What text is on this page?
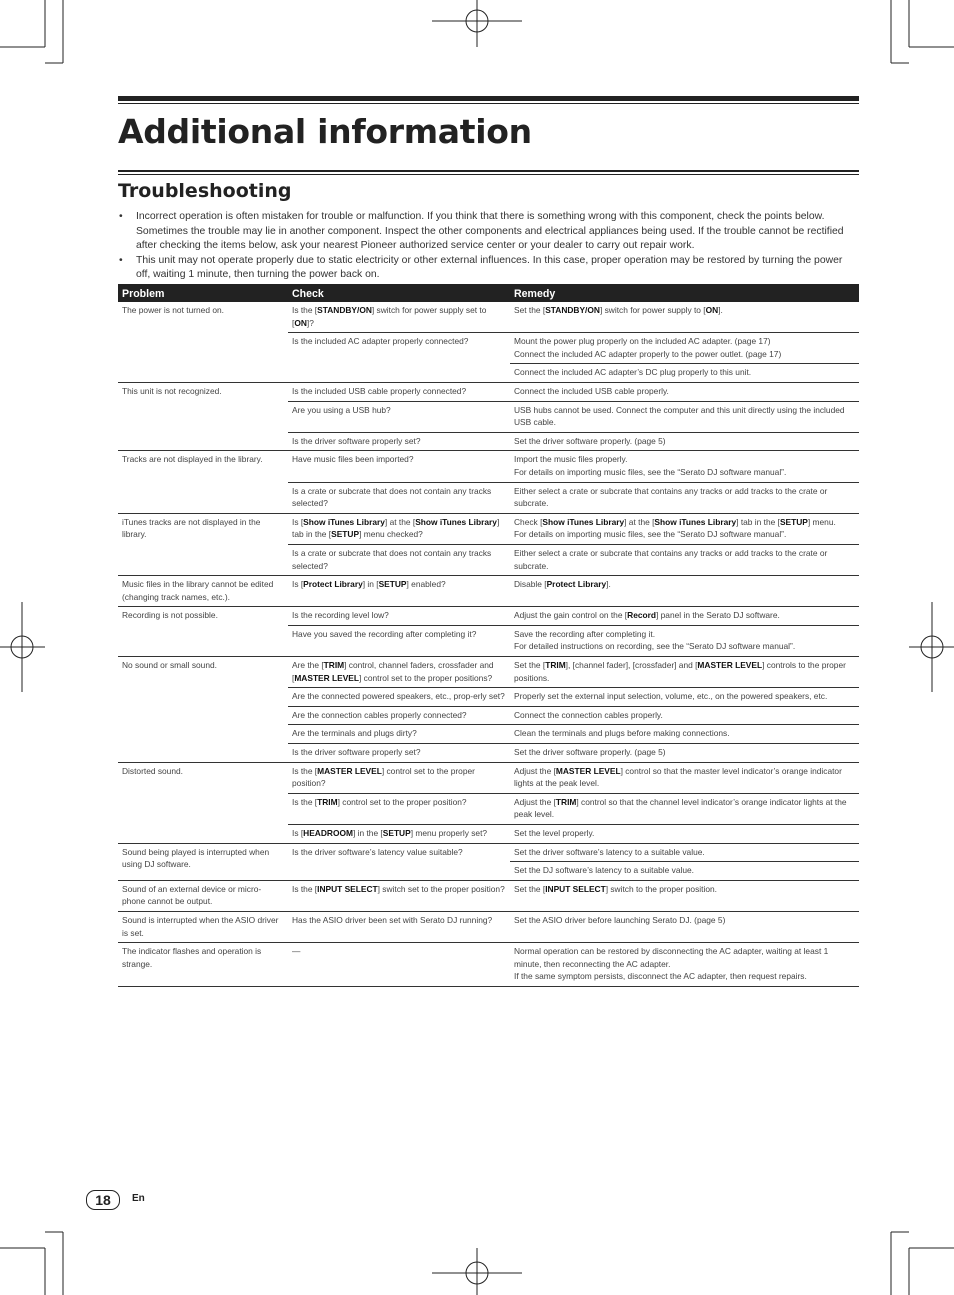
Additional information
Troubleshooting
• Incorrect operation is often mistaken for trouble or malfunction. If you think that there is something wrong with this component, check the points below. Sometimes the trouble may lie in another component. Inspect the other components and electrical appliances being used. If the trouble cannot be rectified after checking the items below, ask your nearest Pioneer authorized service center or your dealer to carry out repair work.
• This unit may not operate properly due to static electricity or other external influences. In this case, proper operation may be restored by turning the power off, waiting 1 minute, then turning the power back on.
Problem	Check	Remedy

The power is not turned on.	Is the [STANDBY/ON] switch for power supply set to [ON]?	Set the [STANDBY/ON] switch for power supply to [ON].

	Is the included AC adapter properly connected?	Mount the power plug properly on the included AC adapter. (page 17)
Connect the included AC adapter properly to the power outlet. (page 17)

		Connect the included AC adapter’s DC plug properly to this unit.

This unit is not recognized.	Is the included USB cable properly connected?	Connect the included USB cable properly.

	Are you using a USB hub?	USB hubs cannot be used. Connect the computer and this unit directly using the included USB cable.

	Is the driver software properly set?	Set the driver software properly. (page 5)

Tracks are not displayed in the library.	Have music files been imported?	Import the music files properly.
For details on importing music files, see the “Serato DJ software manual”.

	Is a crate or subcrate that does not contain any tracks selected?	Either select a crate or subcrate that contains any tracks or add tracks to the crate or subcrate.

iTunes tracks are not displayed in the library.	Is [Show iTunes Library] at the [Show iTunes Library] tab in the [SETUP] menu checked?	Check [Show iTunes Library] at the [Show iTunes Library] tab in the [SETUP] menu.
For details on importing music files, see the “Serato DJ software manual”.

	Is a crate or subcrate that does not contain any tracks selected?	Either select a crate or subcrate that contains any tracks or add tracks to the crate or subcrate.

Music files in the library cannot be edited (changing track names, etc.).	Is [Protect Library] in [SETUP] enabled?	Disable [Protect Library].

Recording is not possible.	Is the recording level low?	Adjust the gain control on the [Record] panel in the Serato DJ software.

	Have you saved the recording after completing it?	Save the recording after completing it.
For detailed instructions on recording, see the “Serato DJ software manual”.

No sound or small sound.	Are the [TRIM] control, channel faders, crossfader and [MASTER LEVEL] control set to the proper positions?	Set the [TRIM], [channel fader], [crossfader] and [MASTER LEVEL] controls to the proper positions.

	Are the connected powered speakers, etc., prop-erly set?	Properly set the external input selection, volume, etc., on the powered speakers, etc.

	Are the connection cables properly connected?	Connect the connection cables properly.

	Are the terminals and plugs dirty?	Clean the terminals and plugs before making connections.

	Is the driver software properly set?	Set the driver software properly. (page 5)

Distorted sound.	Is the [MASTER LEVEL] control set to the proper position?	Adjust the [MASTER LEVEL] control so that the master level indicator’s orange indicator lights at the peak level.

	Is the [TRIM] control set to the proper position?	Adjust the [TRIM] control so that the channel level indicator’s orange indicator lights at the peak level.

	Is [HEADROOM] in the [SETUP] menu properly set?	Set the level properly.

Sound being played is interrupted when using DJ software.	Is the driver software’s latency value suitable?	Set the driver software’s latency to a suitable value.

		Set the DJ software’s latency to a suitable value.

Sound of an external device or micro-phone cannot be output.	Is the [INPUT SELECT] switch set to the proper position?	Set the [INPUT SELECT] switch to the proper position.

Sound is interrupted when the ASIO driver is set.	Has the ASIO driver been set with Serato DJ running?	Set the ASIO driver before launching Serato DJ. (page 5)

The indicator flashes and operation is strange.	—	Normal operation can be restored by disconnecting the AC adapter, waiting at least 1 minute, then reconnecting the AC adapter.
If the same symptom persists, disconnect the AC adapter, then request repairs.
18	En
